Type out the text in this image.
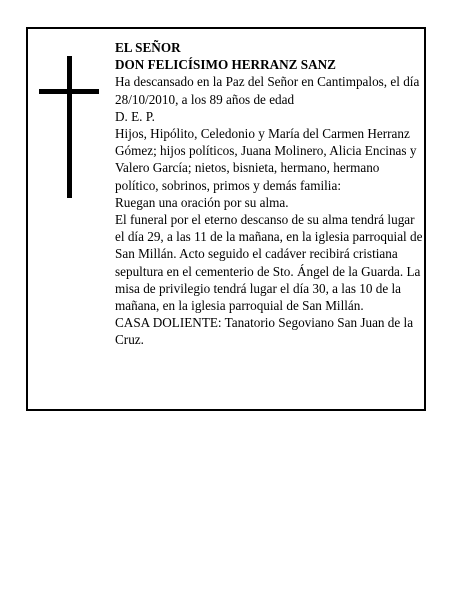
EL SEÑOR

DON FELICÍSIMO HERRANZ SANZ

Ha descansado en la Paz del Señor en Cantimpalos, el día 28/10/2010, a los 89 años de edad

D. E. P.

Hijos, Hipólito, Celedonio y María del Carmen Herranz Gómez; hijos políticos, Juana Molinero, Alicia Encinas y Valero García; nietos, bisnieta, hermano, hermano político, sobrinos, primos y demás familia:

Ruegan una oración por su alma.

El funeral por el eterno descanso de su alma tendrá lugar el día 29, a las 11 de la mañana, en la iglesia parroquial de San Millán. Acto seguido el cadáver recibirá cristiana sepultura en el cementerio de Sto. Ángel de la Guarda. La misa de privilegio tendrá lugar el día 30, a las 10 de la mañana, en la iglesia parroquial de San Millán.

CASA DOLIENTE: Tanatorio Segoviano San Juan de la Cruz.
